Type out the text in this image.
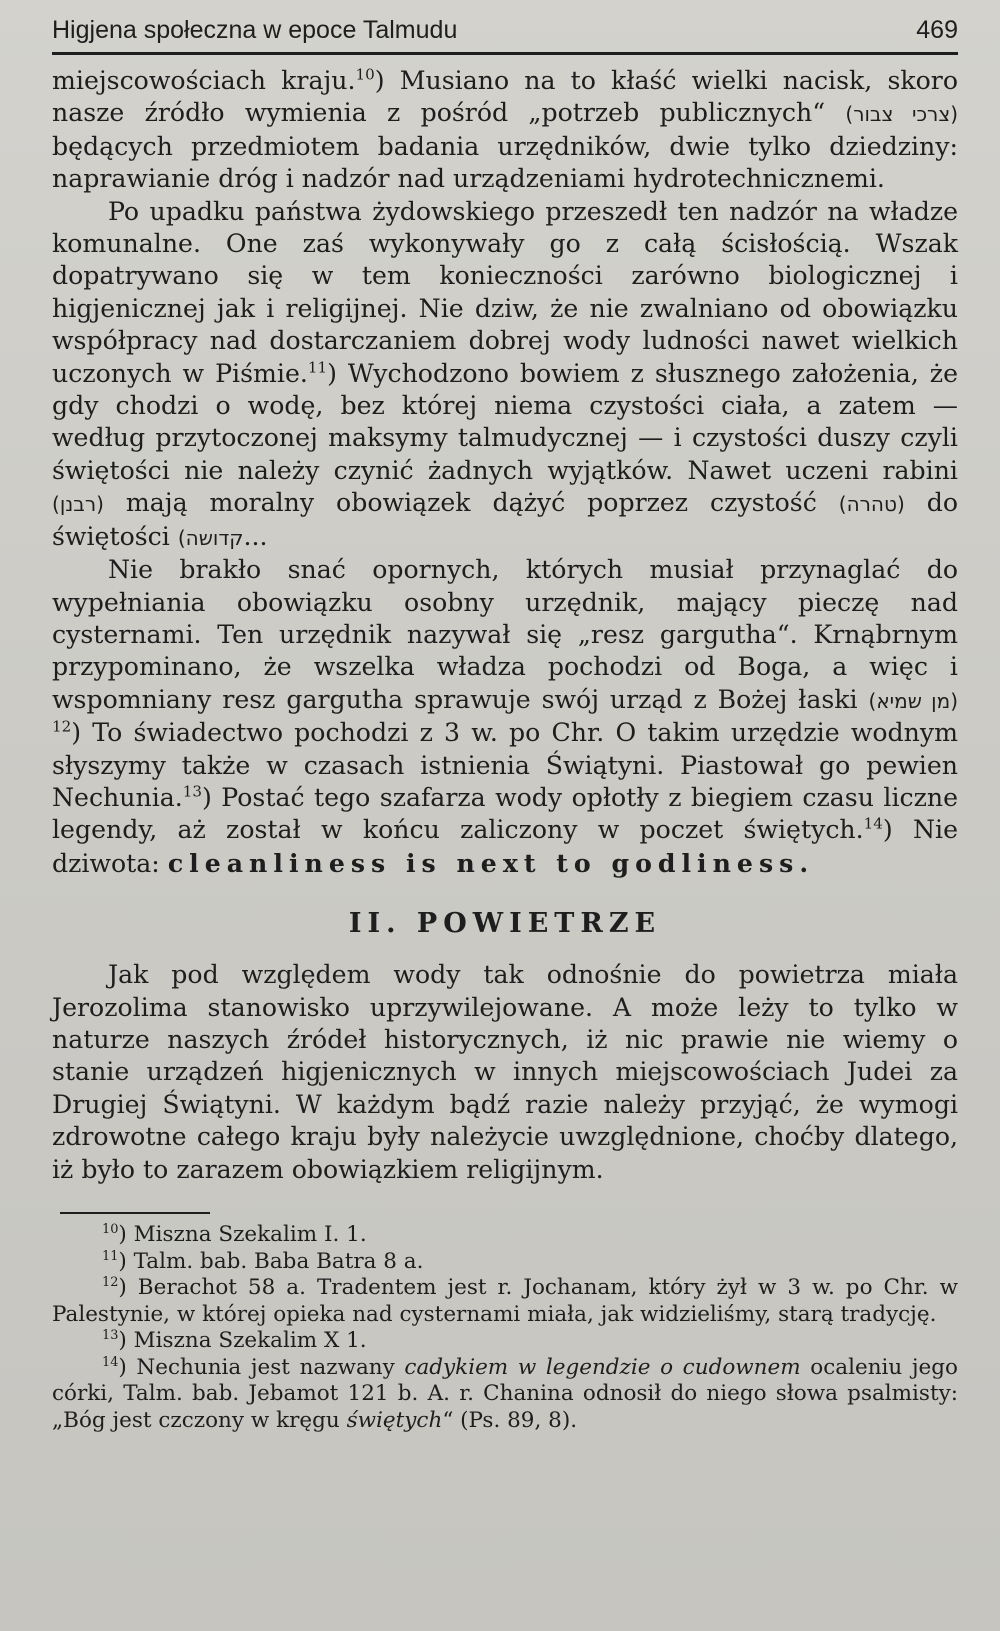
Higjena społeczna w epoce Talmudu	469

miejscowościach kraju.$^{10}$) Musiano na to kłaść wielki nacisk, skoro nasze źródło wymienia z pośród „potrzeb publicznych“ (צרכי צבור) będących przedmiotem badania urzędników, dwie tylko dziedziny: naprawianie dróg i nadzór nad urządzeniami hydrotechnicznemi.

Po upadku państwa żydowskiego przeszedł ten nadzór na władze komunalne. One zaś wykonywały go z całą ścisłością. Wszak dopatrywano się w tem konieczności zarówno biologicznej i higjenicznej jak i religijnej. Nie dziw, że nie zwalniano od obowiązku współpracy nad dostarczaniem dobrej wody ludności nawet wielkich uczonych w Piśmie.$^{11}$) Wychodzono bowiem z słusznego założenia, że gdy chodzi o wodę, bez której niema czystości ciała, a zatem — według przytoczonej maksymy talmudycznej — i czystości duszy czyli świętości nie należy czynić żadnych wyjątków. Nawet uczeni rabini (רבנן) mają moralny obowiązek dążyć poprzez czystość (טהרה) do świętości (קדושה...

Nie brakło snać opornych, których musiał przynaglać do wypełniania obowiązku osobny urzędnik, mający pieczę nad cysternami. Ten urzędnik nazywał się „resz gargutha“. Krnąbrnym przypominano, że wszelka władza pochodzi od Boga, a więc i wspomniany resz gargutha sprawuje swój urząd z Bożej łaski (מן שמיא) $^{12}$) To świadectwo pochodzi z 3 w. po Chr. O takim urzędzie wodnym słyszymy także w czasach istnienia Świątyni. Piastował go pewien Nechunia.$^{13}$) Postać tego szafarza wody opłotły z biegiem czasu liczne legendy, aż został w końcu zaliczony w poczet świętych.$^{14}$) Nie dziwota: cleanliness is next to godliness.

II. POWIETRZE

Jak pod względem wody tak odnośnie do powietrza miała Jerozolima stanowisko uprzywilejowane. A może leży to tylko w naturze naszych źródeł historycznych, iż nic prawie nie wiemy o stanie urządzeń higjenicznych w innych miejscowościach Judei za Drugiej Świątyni. W każdym bądź razie należy przyjąć, że wymogi zdrowotne całego kraju były należycie uwzględnione, choćby dlatego, iż było to zarazem obowiązkiem religijnym.

$^{10}$) Miszna Szekalim I. 1.

$^{11}$) Talm. bab. Baba Batra 8 a.

$^{12}$) Berachot 58 a. Tradentem jest r. Jochanam, który żył w 3 w. po Chr. w Palestynie, w której opieka nad cysternami miała, jak widzieliśmy, starą tradycję.

$^{13}$) Miszna Szekalim X 1.

$^{14}$) Nechunia jest nazwany cadykiem w legendzie o cudownem ocaleniu jego córki, Talm. bab. Jebamot 121 b. A. r. Chanina odnosił do niego słowa psalmisty: „Bóg jest czczony w kręgu świętych“ (Ps. 89, 8).
